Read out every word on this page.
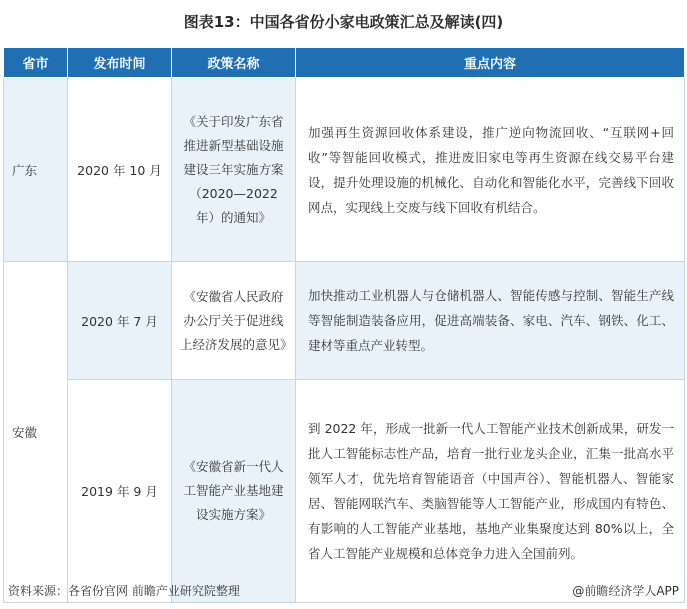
图表13：中国各省份小家电政策汇总及解读(四)
省市	发布时间	政策名称	重点内容
广东	2020 年 10 月	《关于印发广东省推进新型基础设施建设三年实施方案（2020—2022年）的通知》	加强再生资源回收体系建设，推广逆向物流回收、“互联网+回收”等智能回收模式，推进废旧家电等再生资源在线交易平台建设，提升处理设施的机械化、自动化和智能化水平，完善线下回收网点，实现线上交废与线下回收有机结合。
安徽	2020 年 7 月	《安徽省人民政府办公厅关于促进线上经济发展的意见》	加快推动工业机器人与仓储机器人、智能传感与控制、智能生产线等智能制造装备应用，促进高端装备、家电、汽车、钢铁、化工、建材等重点产业转型。
	2019 年 9 月	《安徽省新一代人工智能产业基地建设实施方案》	到 2022 年，形成一批新一代人工智能产业技术创新成果，研发一批人工智能标志性产品，培育一批行业龙头企业，汇集一批高水平领军人才，优先培育智能语音（中国声谷）、智能机器人、智能家居、智能网联汽车、类脑智能等人工智能产业，形成国内有特色、有影响的人工智能产业基地，基地产业集聚度达到 80%以上，全省人工智能产业规模和总体竞争力进入全国前列。
资料来源：各省份官网 前瞻产业研究院整理	@前瞻经济学人APP
